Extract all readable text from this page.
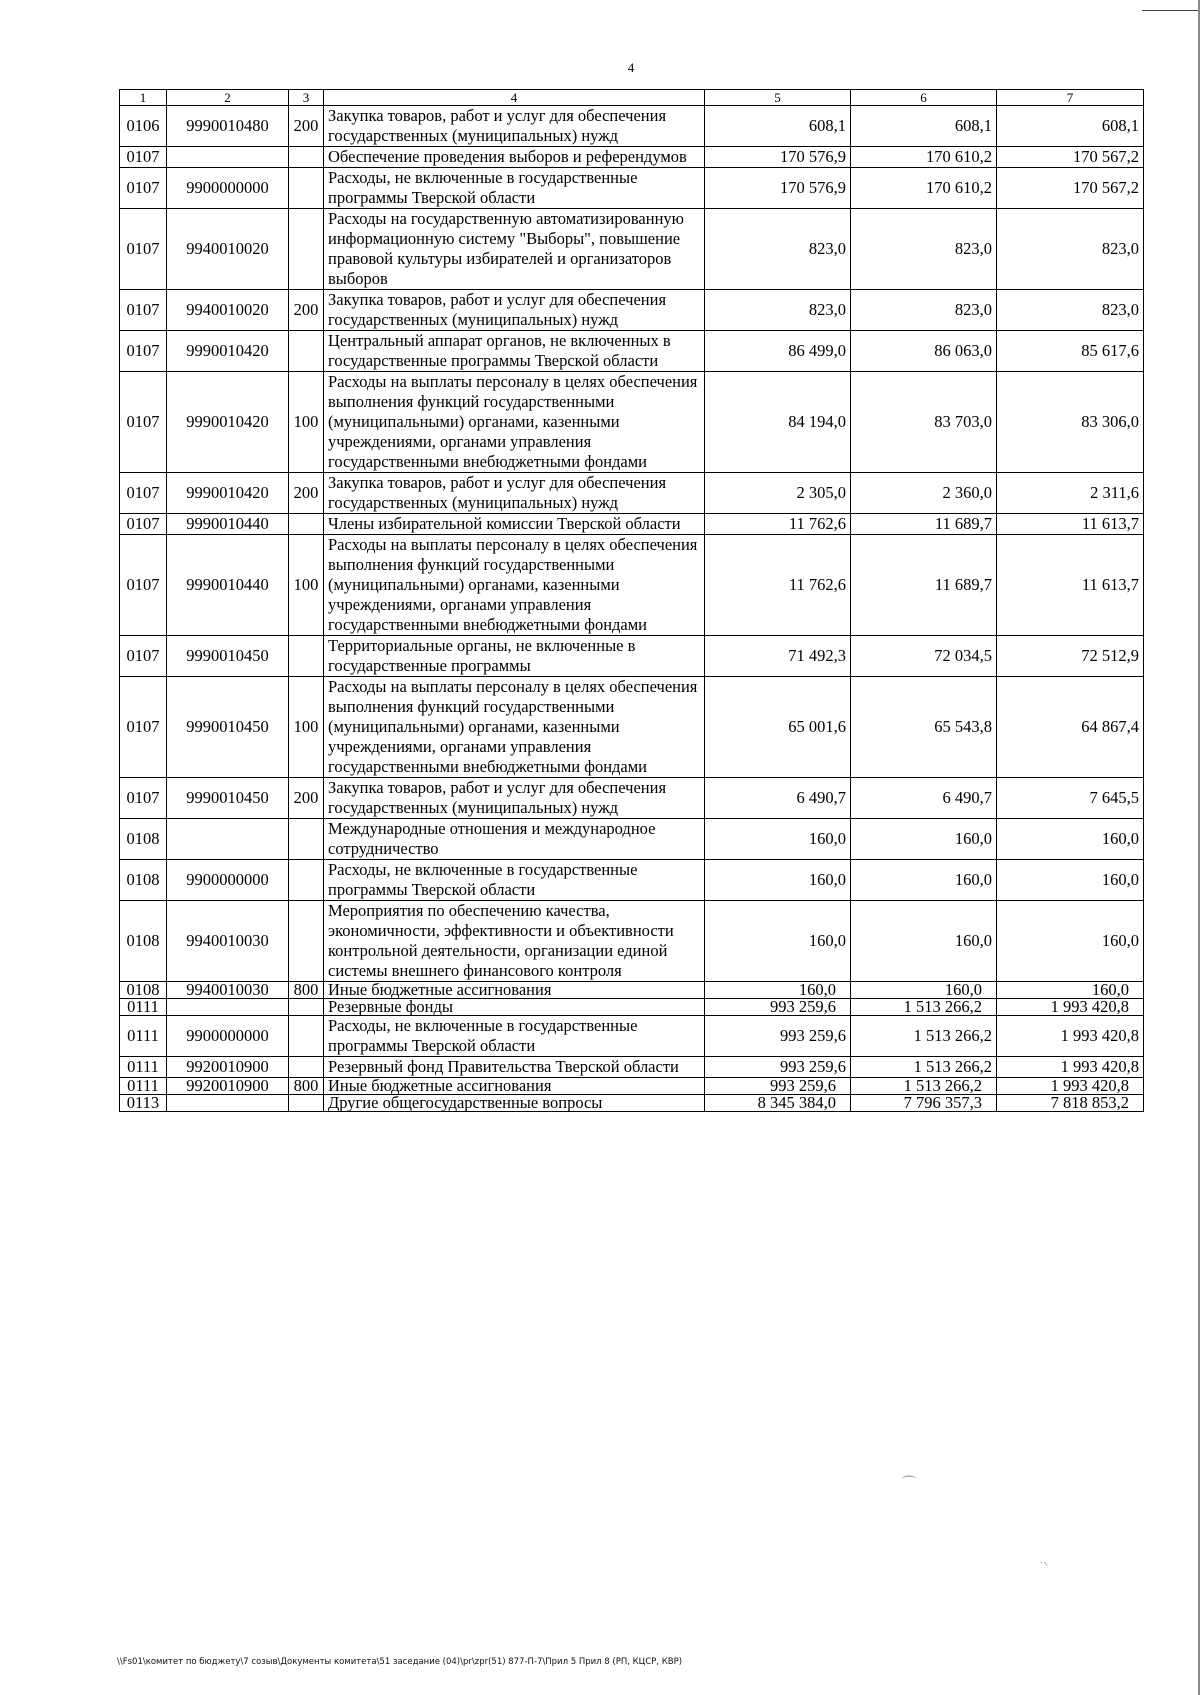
4
1	2	3	4	5	6	7
0106	9990010480	200	Закупка товаров, работ и услуг для обеспечения государственных (муниципальных) нужд	608,1	608,1	608,1
0107			Обеспечение проведения выборов и референдумов	170 576,9	170 610,2	170 567,2
0107	9900000000		Расходы, не включенные в государственные программы Тверской области	170 576,9	170 610,2	170 567,2
0107	9940010020		Расходы на государственную автоматизированную информационную систему "Выборы", повышение правовой культуры избирателей и организаторов выборов	823,0	823,0	823,0
0107	9940010020	200	Закупка товаров, работ и услуг для обеспечения государственных (муниципальных) нужд	823,0	823,0	823,0
0107	9990010420		Центральный аппарат органов, не включенных в государственные программы Тверской области	86 499,0	86 063,0	85 617,6
0107	9990010420	100	Расходы на выплаты персоналу в целях обеспечения выполнения функций государственными (муниципальными) органами, казенными учреждениями, органами управления государственными внебюджетными фондами	84 194,0	83 703,0	83 306,0
0107	9990010420	200	Закупка товаров, работ и услуг для обеспечения государственных (муниципальных) нужд	2 305,0	2 360,0	2 311,6
0107	9990010440		Члены избирательной комиссии Тверской области	11 762,6	11 689,7	11 613,7
0107	9990010440	100	Расходы на выплаты персоналу в целях обеспечения выполнения функций государственными (муниципальными) органами, казенными учреждениями, органами управления государственными внебюджетными фондами	11 762,6	11 689,7	11 613,7
0107	9990010450		Территориальные органы, не включенные в государственные программы	71 492,3	72 034,5	72 512,9
0107	9990010450	100	Расходы на выплаты персоналу в целях обеспечения выполнения функций государственными (муниципальными) органами, казенными учреждениями, органами управления государственными внебюджетными фондами	65 001,6	65 543,8	64 867,4
0107	9990010450	200	Закупка товаров, работ и услуг для обеспечения государственных (муниципальных) нужд	6 490,7	6 490,7	7 645,5
0108			Международные отношения и международное сотрудничество	160,0	160,0	160,0
0108	9900000000		Расходы, не включенные в государственные программы Тверской области	160,0	160,0	160,0
0108	9940010030		Мероприятия по обеспечению качества, экономичности, эффективности и объективности контрольной деятельности, организации единой системы внешнего финансового контроля	160,0	160,0	160,0
0108	9940010030	800	Иные бюджетные ассигнования	160,0	160,0	160,0
0111			Резервные фонды	993 259,6	1 513 266,2	1 993 420,8
0111	9900000000		Расходы, не включенные в государственные программы Тверской области	993 259,6	1 513 266,2	1 993 420,8
0111	9920010900		Резервный фонд Правительства Тверской области	993 259,6	1 513 266,2	1 993 420,8
0111	9920010900	800	Иные бюджетные ассигнования	993 259,6	1 513 266,2	1 993 420,8
0113			Другие общегосударственные вопросы	8 345 384,0	7 796 357,3	7 818 853,2
⌒
˙⸌
\\Fs01\комитет по бюджету\7 созыв\Документы комитета\51 заседание (04)\pr\zpr(51) 877-П-7\Прил 5 Прил 8 (РП, КЦСР, КВР)
